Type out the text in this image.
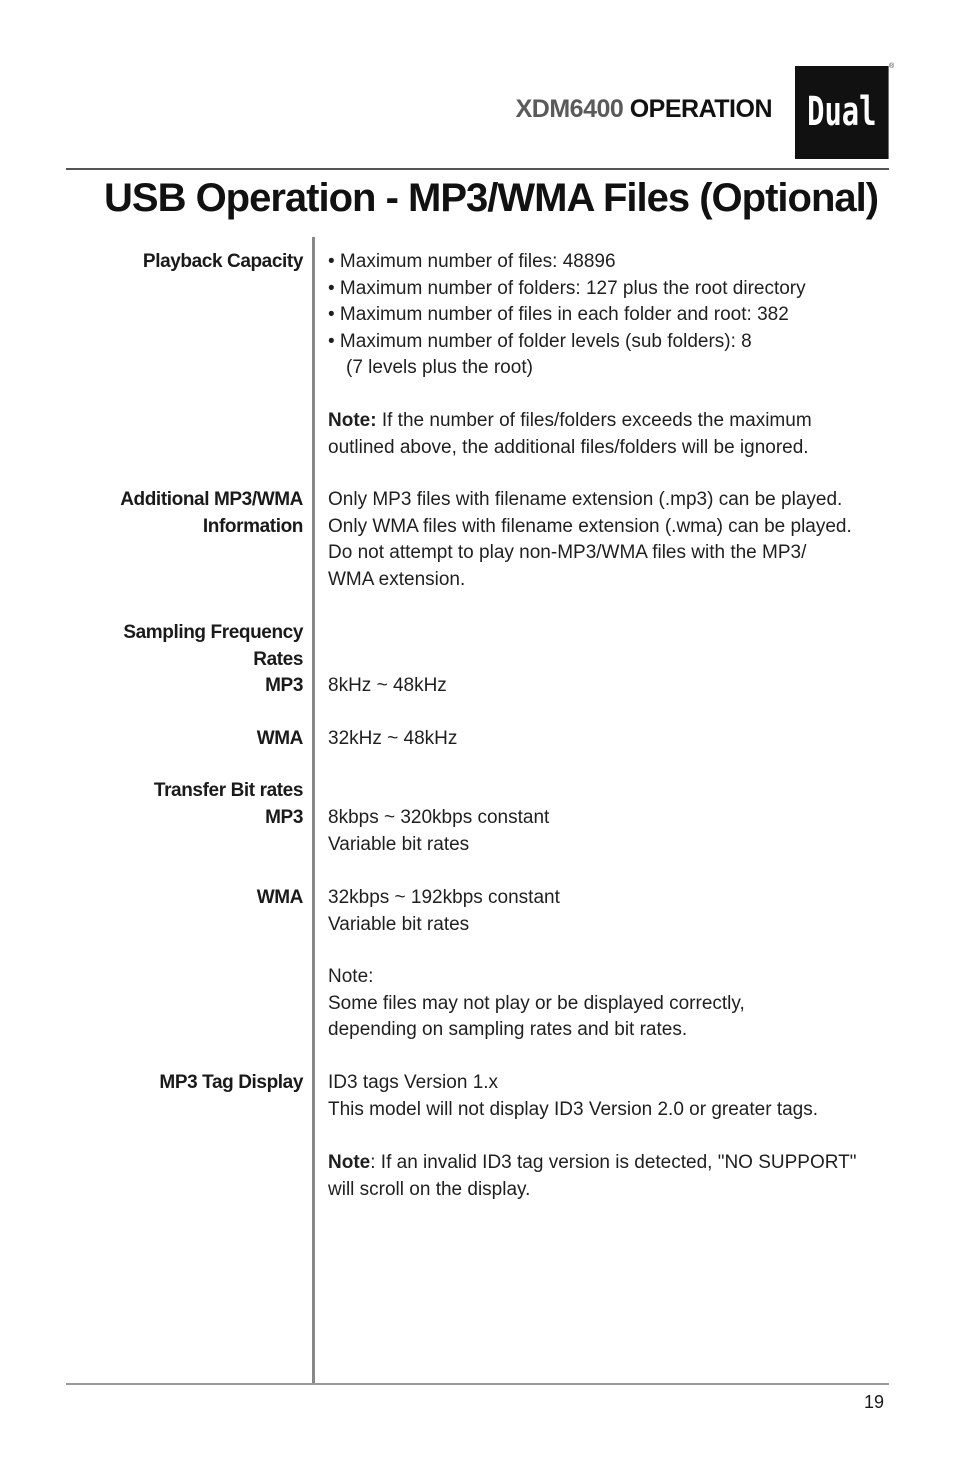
XDM6400 OPERATION Dual
®
USB Operation - MP3/WMA Files (Optional)
Playback Capacity • Maximum number of files: 48896
• Maximum number of folders: 127 plus the root directory
• Maximum number of files in each folder and root: 382
• Maximum number of folder levels (sub folders): 8
(7 levels plus the root)
Note: If the number of files/folders exceeds the maximum
outlined above, the additional files/folders will be ignored.
Additional MP3/WMA
Information
Only MP3 files with filename extension (.mp3) can be played.
Only WMA files with filename extension (.wma) can be played.
Do not attempt to play non-MP3/WMA files with the MP3/
WMA extension.
Sampling Frequency
Rates
MP3 8kHz ~ 48kHz
WMA 32kHz ~ 48kHz
Transfer Bit rates
MP3 8kbps ~ 320kbps constant
Variable bit rates
WMA 32kbps ~ 192kbps constant
Variable bit rates
Note:
Some files may not play or be displayed correctly,
depending on sampling rates and bit rates.
MP3 Tag Display ID3 tags Version 1.x
This model will not display ID3 Version 2.0 or greater tags.
Note: If an invalid ID3 tag version is detected, "NO SUPPORT"
will scroll on the display.
19
